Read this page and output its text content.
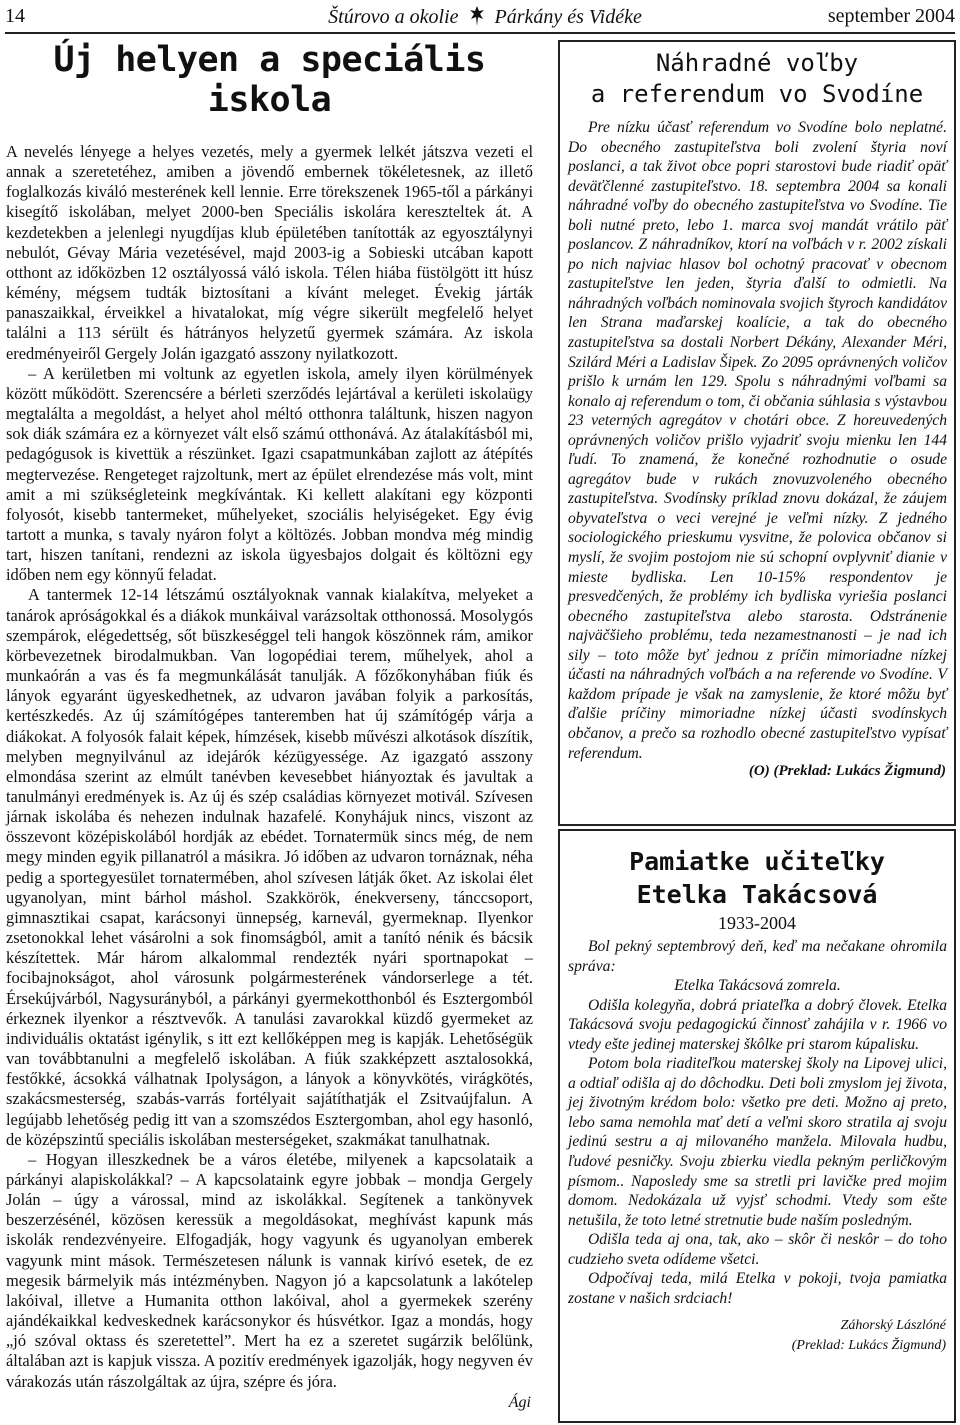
14	Štúrovo a okolie Párkány és Vidéke	september 2004
Új helyen a speciális iskola

A nevelés lényege a helyes vezetés, mely a gyermek lelkét játszva vezeti el annak a szeretetéhez, amiben a jövendő embernek tökéletesnek, az illető foglalkozás kiváló mesterének kell lennie. Erre törekszenek 1965-től a párkányi kisegítő iskolában, melyet 2000-ben Speciális iskolára kereszteltek át. A kezdetekben a jelenlegi nyugdíjas klub épületében tanították az egyosztálynyi nebulót, Gévay Mária vezetésével, majd 2003-ig a Sobieski utcában kapott otthont az időközben 12 osztályossá váló iskola. Télen hiába füstölgött itt húsz kémény, mégsem tudták biztosítani a kívánt meleget. Évekig járták panaszaikkal, érveikkel a hivatalokat, míg végre sikerült megfelelő helyet találni a 113 sérült és hátrányos helyzetű gyermek számára. Az iskola eredményeiről Gergely Jolán igazgató asszony nyilatkozott.

– A kerületben mi voltunk az egyetlen iskola, amely ilyen körülmények között működött. Szerencsére a bérleti szerződés lejártával a kerületi iskolaügy megtalálta a megoldást, a helyet ahol méltó otthonra találtunk, hiszen nagyon sok diák számára ez a környezet vált első számú otthonává. Az átalakításból mi, pedagógusok is kivettük a részünket. Igazi csapatmunkában zajlott az átépítés megtervezése. Rengeteget rajzoltunk, mert az épület elrendezése más volt, mint amit a mi szükségleteink megkívántak. Ki kellett alakítani egy központi folyosót, kisebb tantermeket, műhelyeket, szociális helyiségeket. Egy évig tartott a munka, s tavaly nyáron folyt a költözés. Jobban mondva még mindig tart, hiszen tanítani, rendezni az iskola ügyesbajos dolgait és költözni egy időben nem egy könnyű feladat.

A tantermek 12-14 létszámú osztályoknak vannak kialakítva, melyeket a tanárok apróságokkal és a diákok munkáival varázsoltak otthonossá. Mosolygós szempárok, elégedettség, sőt büszkeséggel teli hangok köszönnek rám, amikor körbevezetnek birodalmukban. Van logopédiai terem, műhelyek, ahol a munkaórán a vas és fa megmunkálását tanulják. A főzőkonyhában fiúk és lányok egyaránt ügyeskedhetnek, az udvaron javában folyik a parkosítás, kertészkedés. Az új számítógépes tanteremben hat új számítógép várja a diákokat. A folyosók falait képek, hímzések, kisebb művészi alkotások díszítik, melyben megnyilvánul az idejárók kézügyessége. Az igazgató asszony elmondása szerint az elmúlt tanévben kevesebbet hiányoztak és javultak a tanulmányi eredmények is. Az új és szép családias környezet motivál. Szívesen járnak iskolába és nehezen indulnak hazafelé. Konyhájuk nincs, viszont az összevont középiskolából hordják az ebédet. Tornatermük sincs még, de nem megy minden egyik pillanatról a másikra. Jó időben az udvaron tornáznak, néha pedig a sportegyesület tornatermében, ahol szívesen látják őket. Az iskolai élet ugyanolyan, mint bárhol máshol. Szakkörök, énekverseny, tánccsoport, gimnasztikai csapat, karácsonyi ünnepség, karnevál, gyermeknap. Ilyenkor zsetonokkal lehet vásárolni a sok finomságból, amit a tanító nénik és bácsik készítettek. Már három alkalommal rendezték nyári sportnapokat – focibajnokságot, ahol városunk polgármesterének vándorserlege a tét. Érsekújvárból, Nagysurányból, a párkányi gyermekotthonból és Esztergomból érkeznek ilyenkor a résztvevők. A tanulási zavarokkal küzdő gyermeket az individuális oktatást igénylik, s itt ezt kellőképpen meg is kapják. Lehetőségük van továbbtanulni a megfelelő iskolában. A fiúk szakképzett asztalosokká, festőkké, ácsokká válhatnak Ipolyságon, a lányok a könyvkötés, virágkötés, szakácsmesterség, szabás-varrás fortélyait sajátíthatják el Zsitvaújfalun. A legújabb lehetőség pedig itt van a szomszédos Esztergomban, ahol egy hasonló, de középszintű speciális iskolában mesterségeket, szakmákat tanulhatnak.

– Hogyan illeszkednek be a város életébe, milyenek a kapcsolataik a párkányi alapiskolákkal? – A kapcsolataink egyre jobbak – mondja Gergely Jolán – úgy a várossal, mind az iskolákkal. Segítenek a tankönyvek beszerzésénél, közösen keressük a megoldásokat, meghívást kapunk más iskolák rendezvényeire. Elfogadják, hogy vagyunk és ugyanolyan emberek vagyunk mint mások. Természetesen nálunk is vannak kirívó esetek, de ez megesik bármelyik más intézményben. Nagyon jó a kapcsolatunk a lakótelep lakóival, illetve a Humanita otthon lakóival, ahol a gyermekek szerény ajándékaikkal kedveskednek karácsonykor és húsvétkor. Igaz a mondás, hogy „jó szóval oktass és szeretettel”. Mert ha ez a szeretet sugárzik belőlünk, általában azt is kapjuk vissza. A pozitív eredmények igazolják, hogy negyven év várakozás után rászolgáltak az újra, szépre és jóra.

Ági
Náhradné voľby
a referendum vo Svodíne

Pre nízku účasť referendum vo Svodíne bolo neplatné. Do obecného zastupiteľstva boli zvolení štyria noví poslanci, a tak život obce popri starostovi bude riadiť opäť deväťčlenné zastupiteľstvo. 18. septembra 2004 sa konali náhradné voľby do obecného zastupiteľstva vo Svodíne. Tie boli nutné preto, lebo 1. marca svoj mandát vrátilo päť poslancov. Z náhradníkov, ktorí na voľbách v r. 2002 získali po nich najviac hlasov bol ochotný pracovať v obecnom zastupiteľstve len jeden, štyria ďalší to odmietli. Na náhradných voľbách nominovala svojich štyroch kandidátov len Strana maďarskej koalície, a tak do obecného zastupiteľstva sa dostali Norbert Dékány, Alexander Méri, Szilárd Méri a Ladislav Šipek. Zo 2095 oprávnených voličov prišlo k urnám len 129. Spolu s náhradnými voľbami sa konalo aj referendum o tom, či občania súhlasia s výstavbou 23 veterných agregátov v chotári obce. Z horeuvedených oprávnených voličov prišlo vyjadriť svoju mienku len 144 ľudí. To znamená, že konečné rozhodnutie o osude agregátov bude v rukách znovuzvoleného obecného zastupiteľstva. Svodínsky príklad znovu dokázal, že záujem obyvateľstva o veci verejné je veľmi nízky. Z jedného sociologického prieskumu vysvitne, že polovica občanov si myslí, že svojim postojom nie sú schopní ovplyvniť dianie v mieste bydliska. Len 10-15% respondentov je presvedčených, že problémy ich bydliska vyriešia poslanci obecného zastupiteľstva alebo starosta. Odstránenie najväčšieho problému, teda nezamestnanosti – je nad ich sily – toto môže byť jednou z príčin mimoriadne nízkej účasti na náhradných voľbách a na referende vo Svodíne. V každom prípade je však na zamyslenie, že ktoré môžu byť ďalšie príčiny mimoriadne nízkej účasti svodínskych občanov, a prečo sa rozhodlo obecné zastupiteľstvo vypísať referendum.

(O) (Preklad: Lukács Žigmund)
Pamiatke učiteľky
Etelka Takácsová
1933-2004

Bol pekný septembrový deň, keď ma nečakane ohromila správa:

Etelka Takácsová zomrela.

Odišla kolegyňa, dobrá priateľka a dobrý človek. Etelka Takácsová svoju pedagogickú činnosť zahájila v r. 1966 vo vtedy ešte jedinej materskej škôlke pri starom kúpalisku.

Potom bola riaditeľkou materskej školy na Lipovej ulici, a odtiaľ odišla aj do dôchodku. Deti boli zmyslom jej života, jej životným krédom bolo: všetko pre deti. Možno aj preto, lebo sama nemohla mať detí a veľmi skoro stratila aj svoju jedinú sestru a aj milovaného manžela. Milovala hudbu, ľudové pesničky. Svoju zbierku viedla pekným perličkovým písmom.. Naposledy sme sa stretli pri lavičke pred mojim domom. Nedokázala už vyjsť schodmi. Vtedy som ešte netušila, že toto letné stretnutie bude naším posledným.

Odišla teda aj ona, tak, ako – skôr či neskôr – do toho cudzieho sveta odídeme všetci.

Odpočívaj teda, milá Etelka v pokoji, tvoja pamiatka zostane v našich srdciach!

Záhorský Lászlóné
(Preklad: Lukács Žigmund)
